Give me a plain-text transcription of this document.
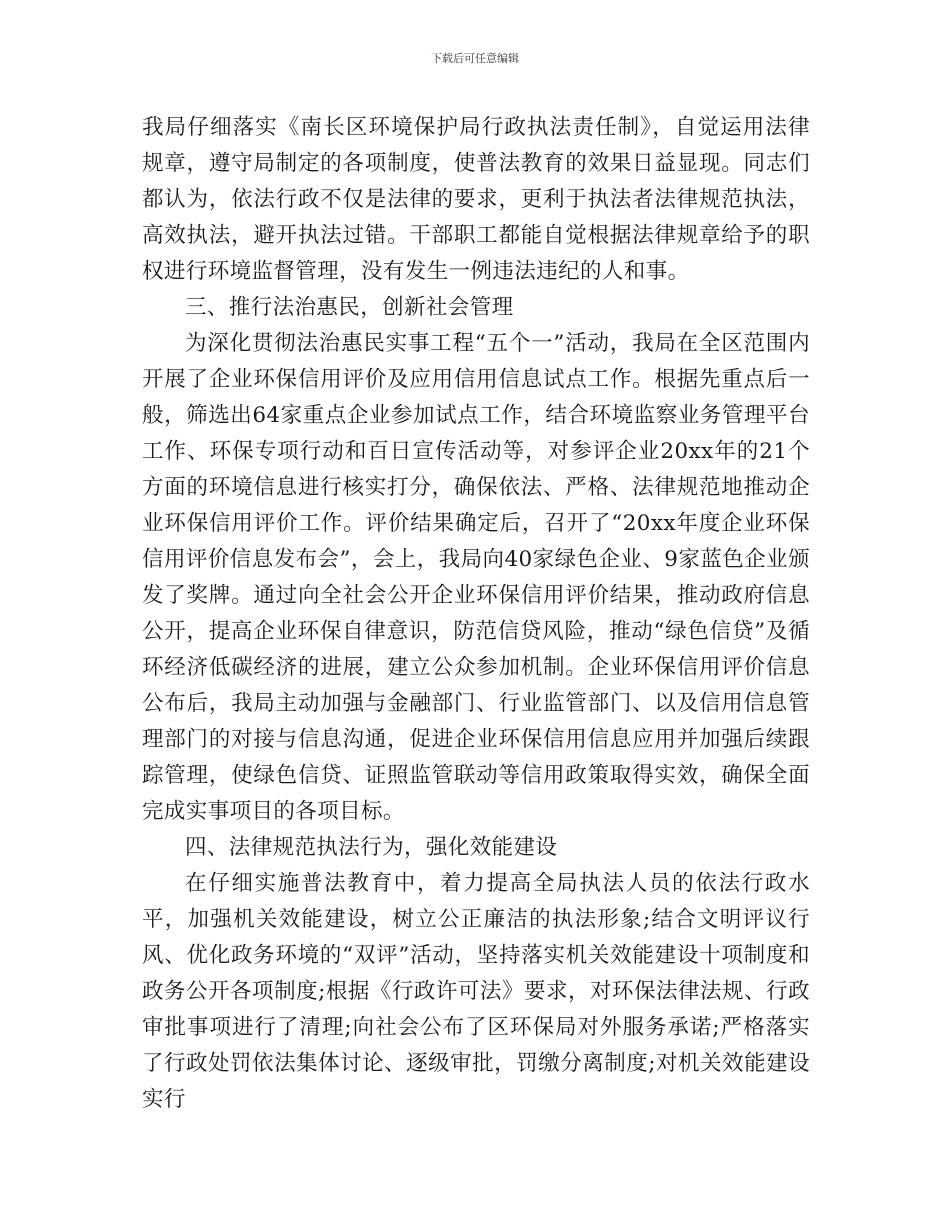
下载后可任意编辑

我局仔细落实《南长区环境保护局行政执法责任制》，自觉运用法律规章，遵守局制定的各项制度，使普法教育的效果日益显现。同志们都认为，依法行政不仅是法律的要求，更利于执法者法律规范执法，高效执法，避开执法过错。干部职工都能自觉根据法律规章给予的职权进行环境监督管理，没有发生一例违法违纪的人和事。

三、推行法治惠民，创新社会管理

为深化贯彻法治惠民实事工程“五个一”活动，我局在全区范围内开展了企业环保信用评价及应用信用信息试点工作。根据先重点后一般，筛选出64家重点企业参加试点工作，结合环境监察业务管理平台工作、环保专项行动和百日宣传活动等，对参评企业20xx年的21个方面的环境信息进行核实打分，确保依法、严格、法律规范地推动企业环保信用评价工作。评价结果确定后，召开了“20xx年度企业环保信用评价信息发布会”，会上，我局向40家绿色企业、9家蓝色企业颁发了奖牌。通过向全社会公开企业环保信用评价结果，推动政府信息公开，提高企业环保自律意识，防范信贷风险，推动“绿色信贷”及循环经济低碳经济的进展，建立公众参加机制。企业环保信用评价信息公布后，我局主动加强与金融部门、行业监管部门、以及信用信息管理部门的对接与信息沟通，促进企业环保信用信息应用并加强后续跟踪管理，使绿色信贷、证照监管联动等信用政策取得实效，确保全面完成实事项目的各项目标。

四、法律规范执法行为，强化效能建设

在仔细实施普法教育中，着力提高全局执法人员的依法行政水平，加强机关效能建设，树立公正廉洁的执法形象;结合文明评议行风、优化政务环境的“双评”活动，坚持落实机关效能建设十项制度和政务公开各项制度;根据《行政许可法》要求，对环保法律法规、行政审批事项进行了清理;向社会公布了区环保局对外服务承诺;严格落实了行政处罚依法集体讨论、逐级审批，罚缴分离制度;对机关效能建设实行
